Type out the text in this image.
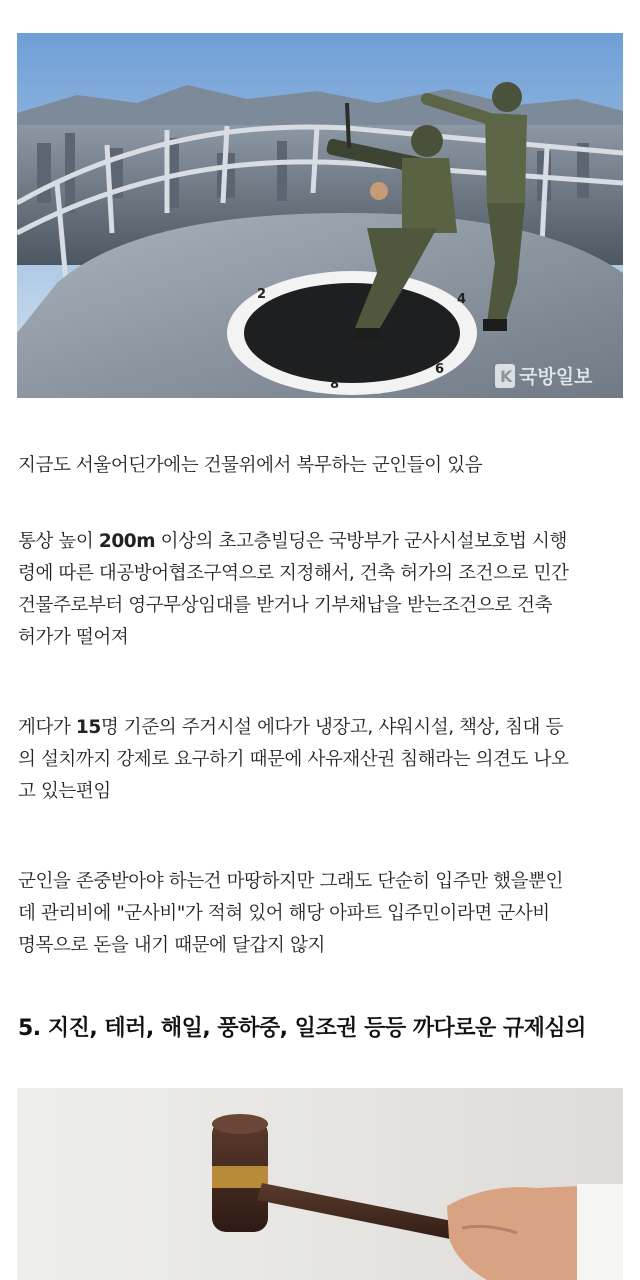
8
6
2	4
K 국방일보

지금도 서울어딘가에는 건물위에서 복무하는 군인들이 있음

통상 높이 200m 이상의 초고층빌딩은 국방부가 군사시설보호법 시행
령에 따른 대공방어협조구역으로 지정해서, 건축 허가의 조건으로 민간
건물주로부터 영구무상임대를 받거나 기부채납을 받는조건으로 건축
허가가 떨어져

게다가 15명 기준의 주거시설 에다가 냉장고, 샤워시설, 책상, 침대 등
의 설치까지 강제로 요구하기 때문에 사유재산권 침해라는 의견도 나오
고 있는편임

군인을 존중받아야 하는건 마땅하지만 그래도 단순히 입주만 했을뿐인
데 관리비에 "군사비"가 적혀 있어 해당 아파트 입주민이라면 군사비
명목으로 돈을 내기 때문에 달갑지 않지

5. 지진, 테러, 해일, 풍하중, 일조권 등등 까다로운 규제심의
